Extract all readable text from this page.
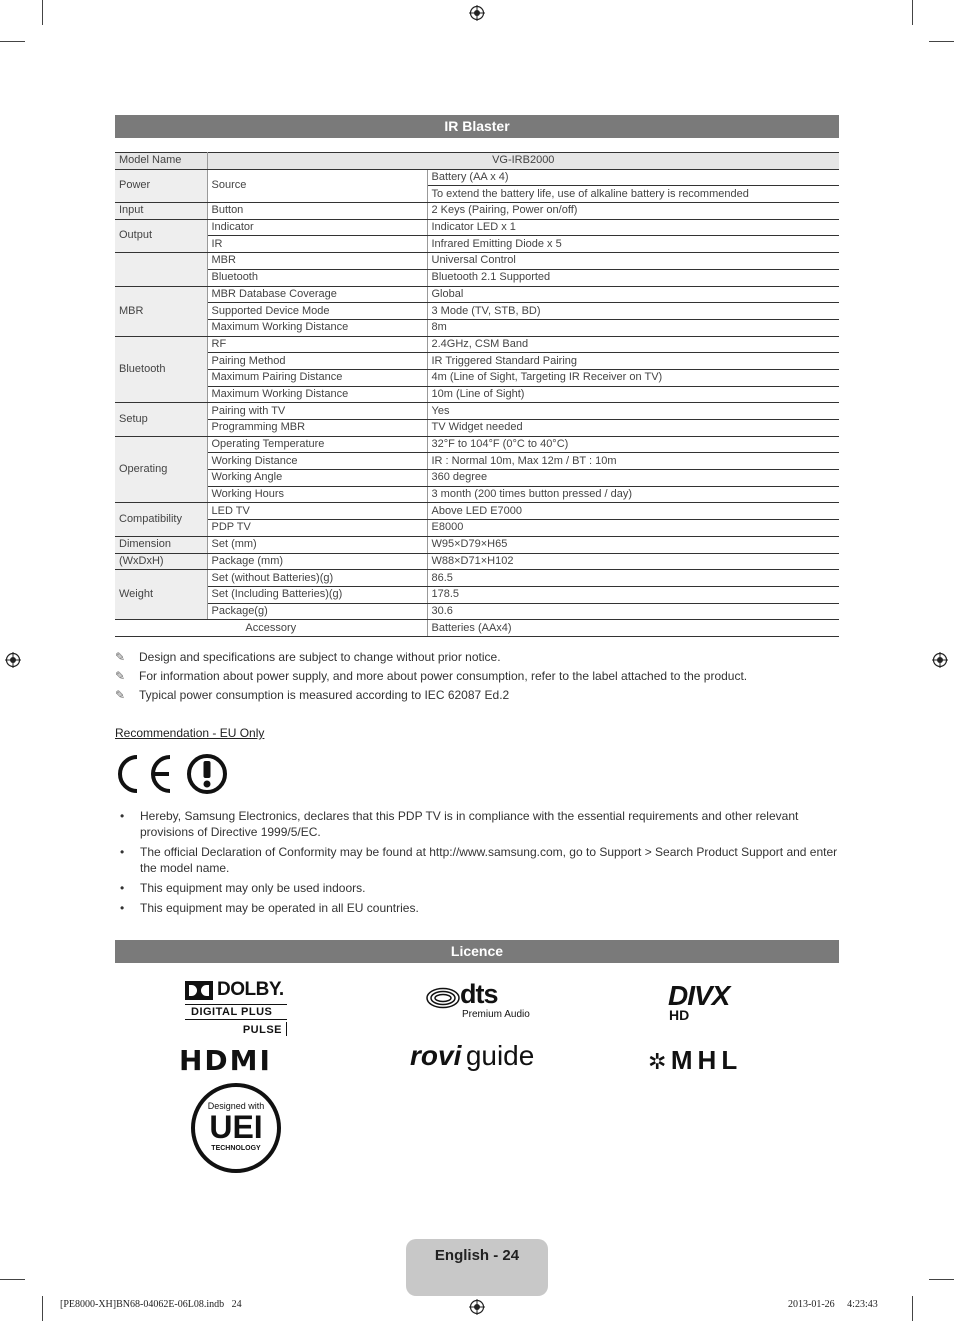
IR Blaster
Model Name	VG-IRB2000	
Power	Source	Battery (AA x 4)
		To extend the battery life, use of alkaline battery is recommended
Input	Button	2 Keys (Pairing, Power on/off)
Output	Indicator	Indicator LED x 1
	IR	Infrared Emitting Diode x 5
	MBR	Universal Control
	Bluetooth	Bluetooth 2.1 Supported
MBR	MBR Database Coverage	Global
	Supported Device Mode	3 Mode (TV, STB, BD)
	Maximum Working Distance	8m
Bluetooth	RF	2.4GHz, CSM Band
	Pairing Method	IR Triggered Standard Pairing
	Maximum Pairing Distance	4m (Line of Sight, Targeting IR Receiver on TV)
	Maximum Working Distance	10m (Line of Sight)
Setup	Pairing with TV	Yes
	Programming MBR	TV Widget needed
Operating	Operating Temperature	32°F to 104°F (0°C to 40°C)
	Working Distance	IR : Normal 10m, Max 12m / BT : 10m
	Working Angle	360 degree
	Working Hours	3 month (200 times button pressed / day)
Compatibility	LED TV	Above LED E7000
	PDP TV	E8000
Dimension	Set (mm)	W95×D79×H65
(WxDxH)	Package (mm)	W88×D71×H102
Weight	Set (without Batteries)(g)	86.5
	Set (Including Batteries)(g)	178.5
	Package(g)	30.6
Accessory		Batteries (AAx4)
✎ Design and specifications are subject to change without prior notice.
✎ For information about power supply, and more about power consumption, refer to the label attached to the product.
✎ Typical power consumption is measured according to IEC 62087 Ed.2
Recommendation - EU Only
• Hereby, Samsung Electronics, declares that this PDP TV is in compliance with the essential requirements and other relevant provisions of Directive 1999/5/EC.
• The official Declaration of Conformity may be found at http://www.samsung.com, go to Support > Search Product Support and enter the model name.
• This equipment may only be used indoors.
• This equipment may be operated in all EU countries.
Licence
DOLBY.
DIGITAL PLUS
PULSE
dts
Premium Audio
DIVX
HD
HDMI	rovi guide	✲ MHL
Designed with
UEI
TECHNOLOGY
English - 24
[PE8000-XH]BN68-04062E-06L08.indb   24	2013-01-26     4:23:43
